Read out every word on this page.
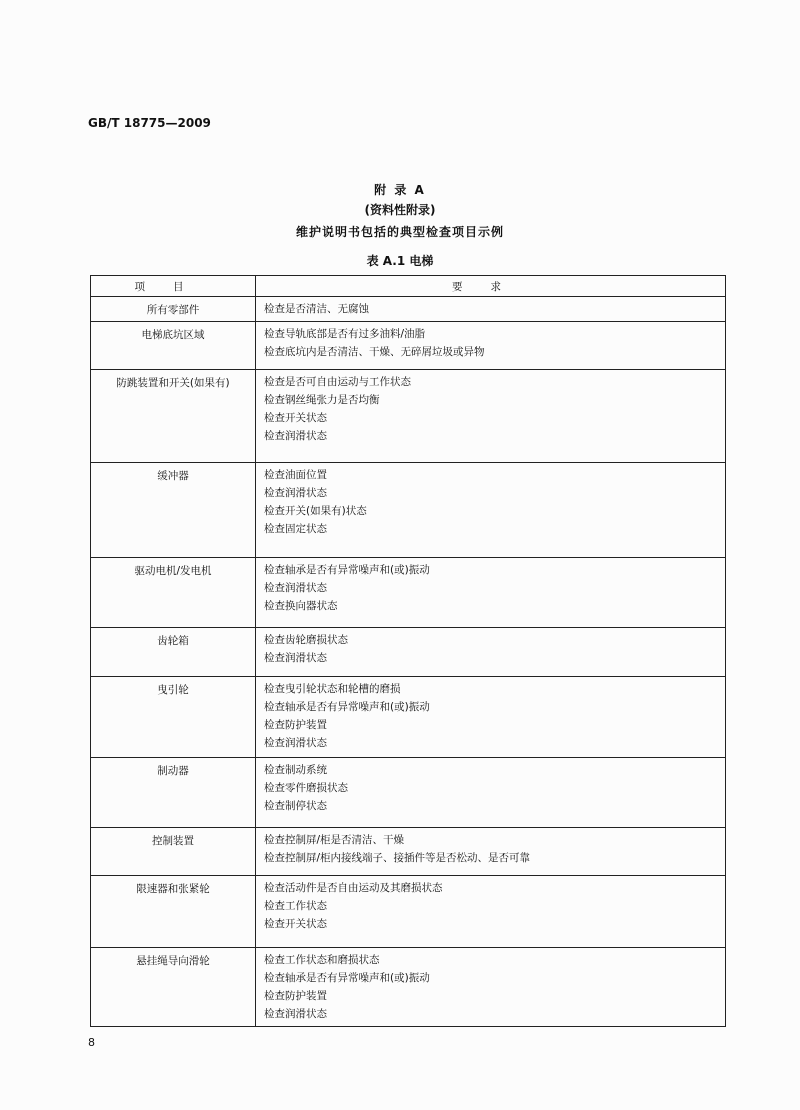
GB/T 18775—2009
附 录 A
(资料性附录)
维护说明书包括的典型检查项目示例
表 A.1 电梯
项目	要求
所有零部件	检查是否清洁、无腐蚀

电梯底坑区域	检查导轨底部是否有过多油料/油脂
检查底坑内是否清洁、干燥、无碎屑垃圾或异物

防跳装置和开关(如果有)	检查是否可自由运动与工作状态
检查钢丝绳张力是否均衡
检查开关状态
检查润滑状态

缓冲器	检查油面位置
检查润滑状态
检查开关(如果有)状态
检查固定状态

驱动电机/发电机	检查轴承是否有异常噪声和(或)振动
检查润滑状态
检查换向器状态

齿轮箱	检查齿轮磨损状态
检查润滑状态

曳引轮	检查曳引轮状态和轮槽的磨损
检查轴承是否有异常噪声和(或)振动
检查防护装置
检查润滑状态

制动器	检查制动系统
检查零件磨损状态
检查制停状态

控制装置	检查控制屏/柜是否清洁、干燥
检查控制屏/柜内接线端子、接插件等是否松动、是否可靠

限速器和张紧轮	检查活动件是否自由运动及其磨损状态
检查工作状态
检查开关状态

悬挂绳导向滑轮	检查工作状态和磨损状态
检查轴承是否有异常噪声和(或)振动
检查防护装置
检查润滑状态
8
